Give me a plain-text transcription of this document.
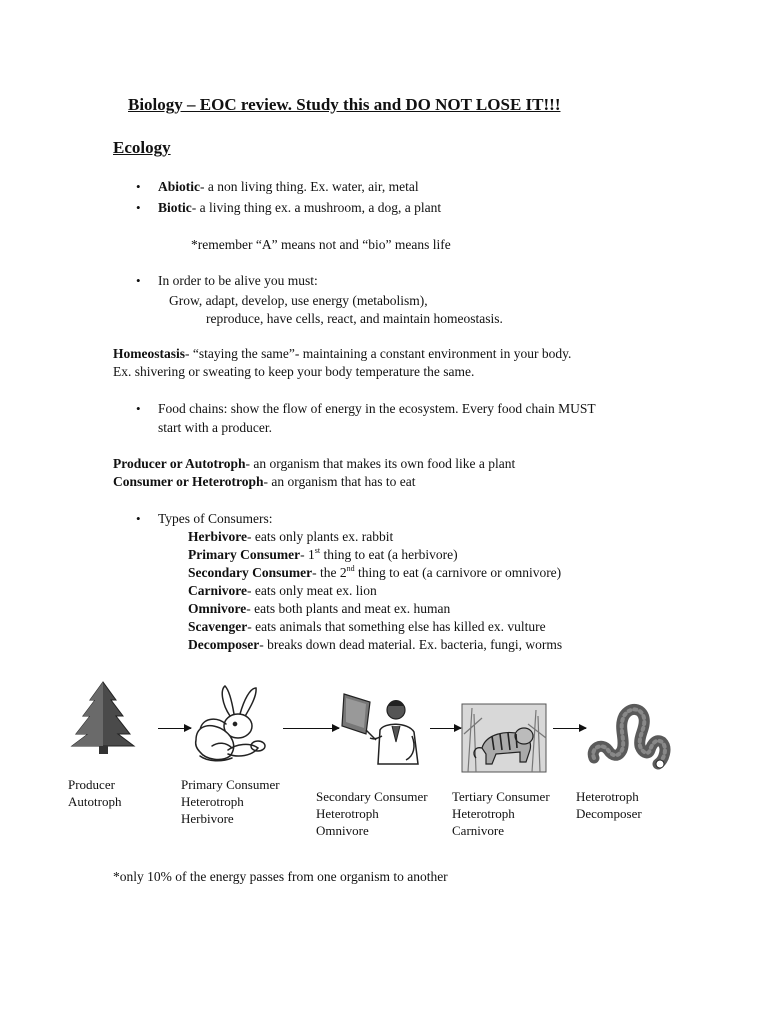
Biology – EOC review. Study this and DO NOT LOSE IT!!!
Ecology
• Abiotic- a non living thing. Ex. water, air, metal
• Biotic- a living thing ex. a mushroom, a dog, a plant
*remember “A” means not and “bio” means life
• In order to be alive you must:
Grow, adapt, develop, use energy (metabolism),
reproduce, have cells, react, and maintain homeostasis.
Homeostasis- “staying the same”- maintaining a constant environment in your body.
Ex. shivering or sweating to keep your body temperature the same.
• Food chains: show the flow of energy in the ecosystem. Every food chain MUST
start with a producer.
Producer or Autotroph- an organism that makes its own food like a plant
Consumer or Heterotroph- an organism that has to eat
• Types of Consumers:
Herbivore- eats only plants ex. rabbit
Primary Consumer- 1st thing to eat (a herbivore)
Secondary Consumer- the 2nd thing to eat (a carnivore or omnivore)
Carnivore- eats only meat ex. lion
Omnivore- eats both plants and meat ex. human
Scavenger- eats animals that something else has killed ex. vulture
Decomposer- breaks down dead material. Ex. bacteria, fungi, worms
Producer
Autotroph
Primary Consumer
Heterotroph
Herbivore
Secondary Consumer
Heterotroph
Omnivore
Tertiary Consumer
Heterotroph
Carnivore
Heterotroph
Decomposer
*only 10% of the energy passes from one organism to another
